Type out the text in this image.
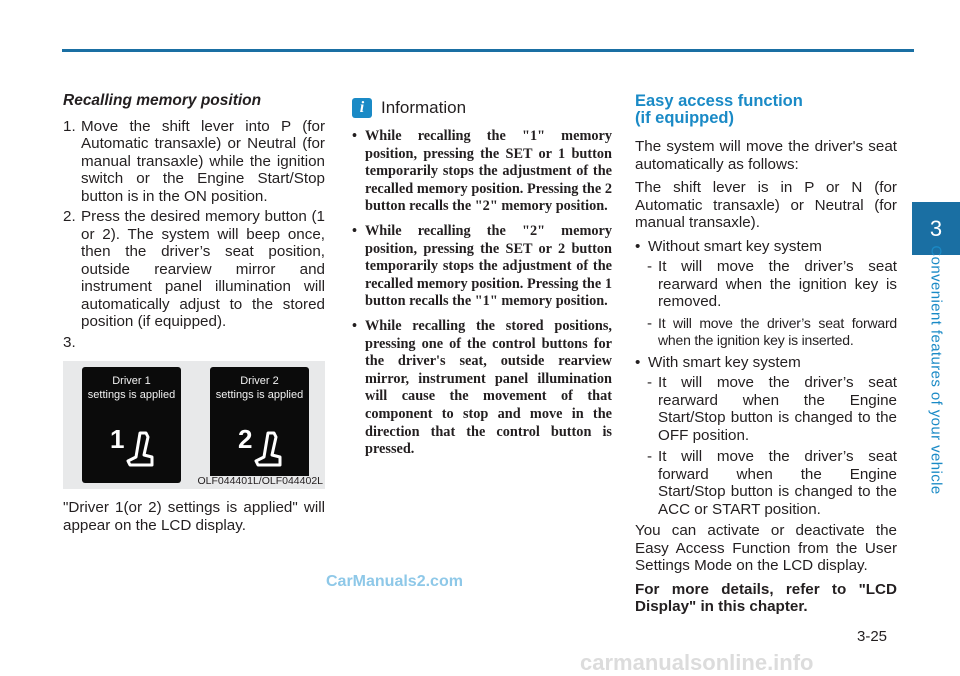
Recalling memory position
1. Move the shift lever into P (for Automatic transaxle) or Neutral (for manual transaxle) while the ignition switch or the Engine Start/Stop button is in the ON position.
2. Press the desired memory button (1 or 2). The system will beep once, then the driver’s seat position, outside rearview mirror and instrument panel illumination will automatically adjust to the stored position (if equipped).
3.
Driver 1
settings is applied
1
Driver 2
settings is applied
2
OLF044401L/OLF044402L
"Driver 1(or 2) settings is applied" will appear on the LCD display.
i Information
• While recalling the "1" memory position, pressing the SET or 1 button temporarily stops the adjustment of the recalled memory position. Pressing the 2 button recalls the "2" memory position.
• While recalling the "2" memory position, pressing the SET or 2 button temporarily stops the adjustment of the recalled memory position. Pressing the 1 button recalls the "1" memory position.
• While recalling the stored positions, pressing one of the control buttons for the driver's seat, outside rearview mirror, instrument panel illumination will cause the movement of that component to stop and move in the direction that the control button is pressed.
Easy access function
(if equipped)

The system will move the driver's seat automatically as follows:

The shift lever is in P or N (for Automatic transaxle) or Neutral (for manual transaxle).

• Without smart key system
- It will move the driver’s seat rearward when the ignition key is removed.
- It will move the driver’s seat forward when the ignition key is inserted.
• With smart key system
- It will move the driver’s seat rearward when the Engine Start/Stop button is changed to the OFF position.
- It will move the driver’s seat forward when the Engine Start/Stop button is changed to the ACC or START position.

You can activate or deactivate the Easy Access Function from the User Settings Mode on the LCD display.

For more details, refer to "LCD Display" in this chapter.

3
Convenient features of your vehicle
3-25
CarManuals2.com
carmanualsonline.info
